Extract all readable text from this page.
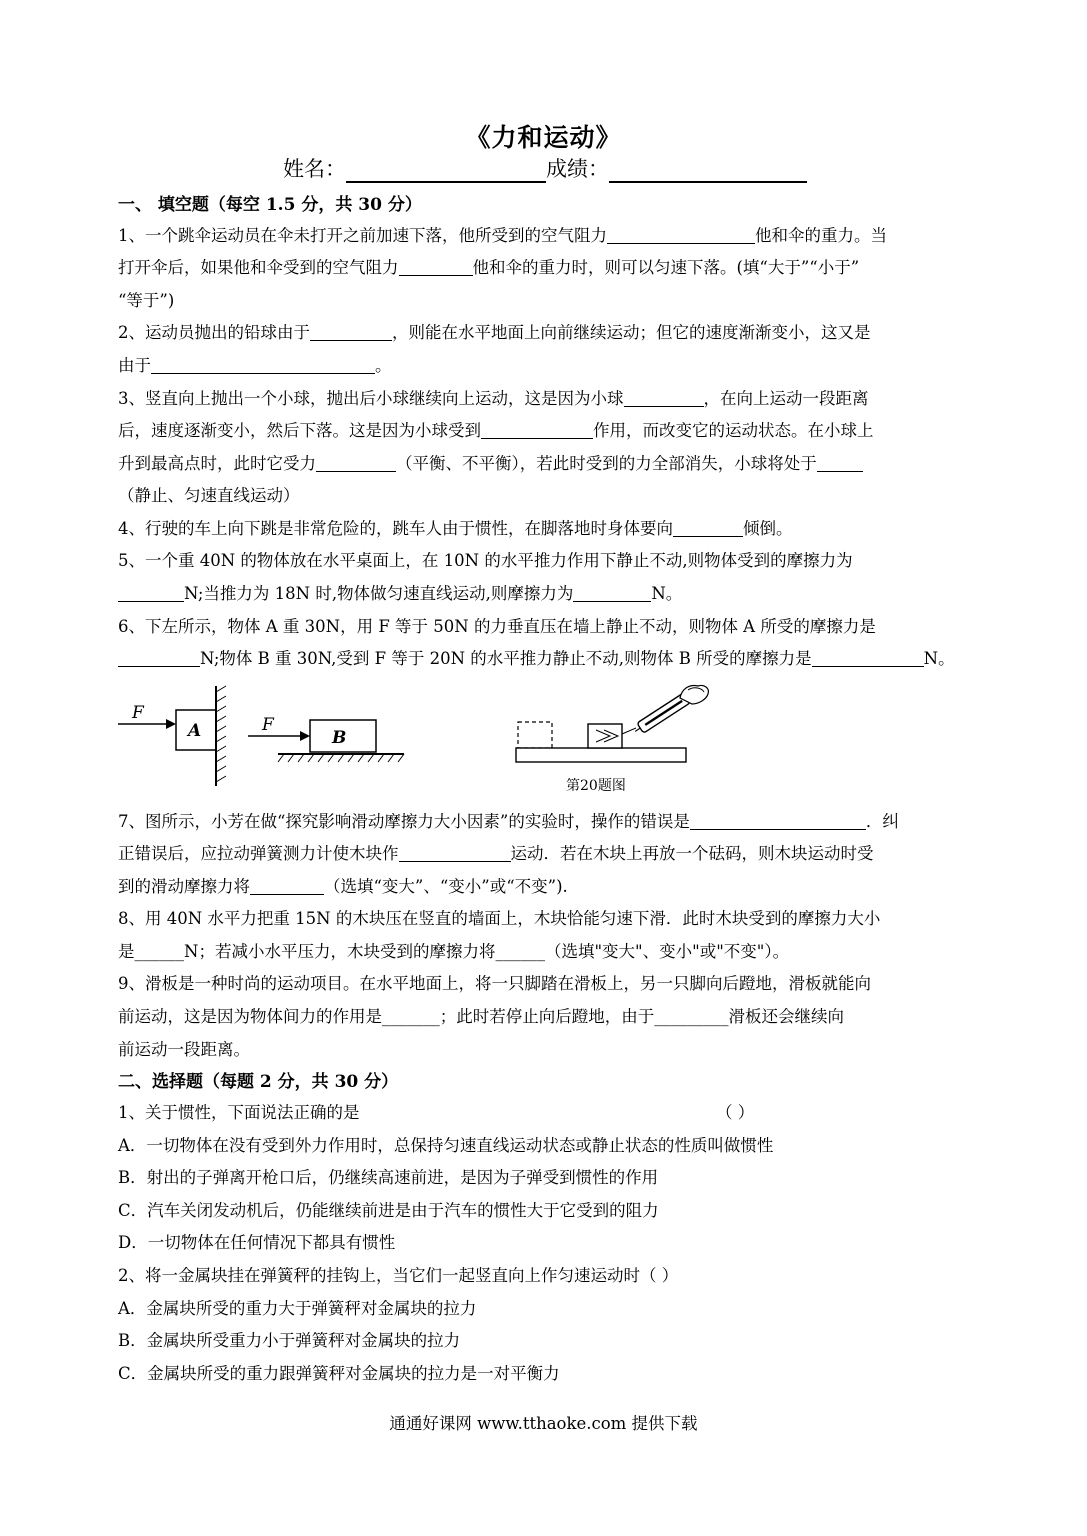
《力和运动》
姓名：	成绩：
一、 填空题（每空 1.5 分，共 30 分）
1、一个跳伞运动员在伞未打开之前加速下落，他所受到的空气阻力	他和伞的重力。当
打开伞后，如果他和伞受到的空气阻力	他和伞的重力时，则可以匀速下落。(填“大于”“小于”
“等于”)
2、运动员抛出的铅球由于	，则能在水平地面上向前继续运动；但它的速度渐渐变小，这又是
由于	。
3、竖直向上抛出一个小球，抛出后小球继续向上运动，这是因为小球	，在向上运动一段距离
后，速度逐渐变小，然后下落。这是因为小球受到	作用，而改变它的运动状态。在小球上
升到最高点时，此时它受力	（平衡、不平衡），若此时受到的力全部消失，小球将处于
（静止、匀速直线运动）
4、行驶的车上向下跳是非常危险的，跳车人由于惯性，在脚落地时身体要向	倾倒。
5、一个重 40N 的物体放在水平桌面上，在 10N 的水平推力作用下静止不动,则物体受到的摩擦力为
N;当推力为 18N 时,物体做匀速直线运动,则摩擦力为	N。
6、下左所示，物体 A 重 30N，用 F 等于 50N 的力垂直压在墙上静止不动，则物体 A 所受的摩擦力是
N;物体 B 重 30N,受到 F 等于 20N 的水平推力静止不动,则物体 B 所受的摩擦力是	N。
F
A	F
B
第20题图
7、图所示，小芳在做“探究影响滑动摩擦力大小因素”的实验时，操作的错误是	．纠
正错误后，应拉动弹簧测力计使木块作	运动．若在木块上再放一个砝码，则木块运动时受
到的滑动摩擦力将	（选填“变大”、“变小”或“不变”).
8、用 40N 水平力把重 15N 的木块压在竖直的墙面上，木块恰能匀速下滑．此时木块受到的摩擦力大小
是______N；若减小水平压力，木块受到的摩擦力将______（选填"变大"、变小"或"不变"）。
9、滑板是一种时尚的运动项目。在水平地面上，将一只脚踏在滑板上，另一只脚向后蹬地，滑板就能向
前运动，这是因为物体间力的作用是_______；此时若停止向后蹬地，由于_________滑板还会继续向
前运动一段距离。
二、选择题（每题 2 分，共 30 分）
1、关于惯性，下面说法正确的是	（ ）
A．一切物体在没有受到外力作用时，总保持匀速直线运动状态或静止状态的性质叫做惯性
B．射出的子弹离开枪口后，仍继续高速前进，是因为子弹受到惯性的作用
C．汽车关闭发动机后，仍能继续前进是由于汽车的惯性大于它受到的阻力
D．一切物体在任何情况下都具有惯性
2、将一金属块挂在弹簧秤的挂钩上，当它们一起竖直向上作匀速运动时（ ）
A．金属块所受的重力大于弹簧秤对金属块的拉力
B．金属块所受重力小于弹簧秤对金属块的拉力
C．金属块所受的重力跟弹簧秤对金属块的拉力是一对平衡力
通通好课网 www.tthaoke.com 提供下载
